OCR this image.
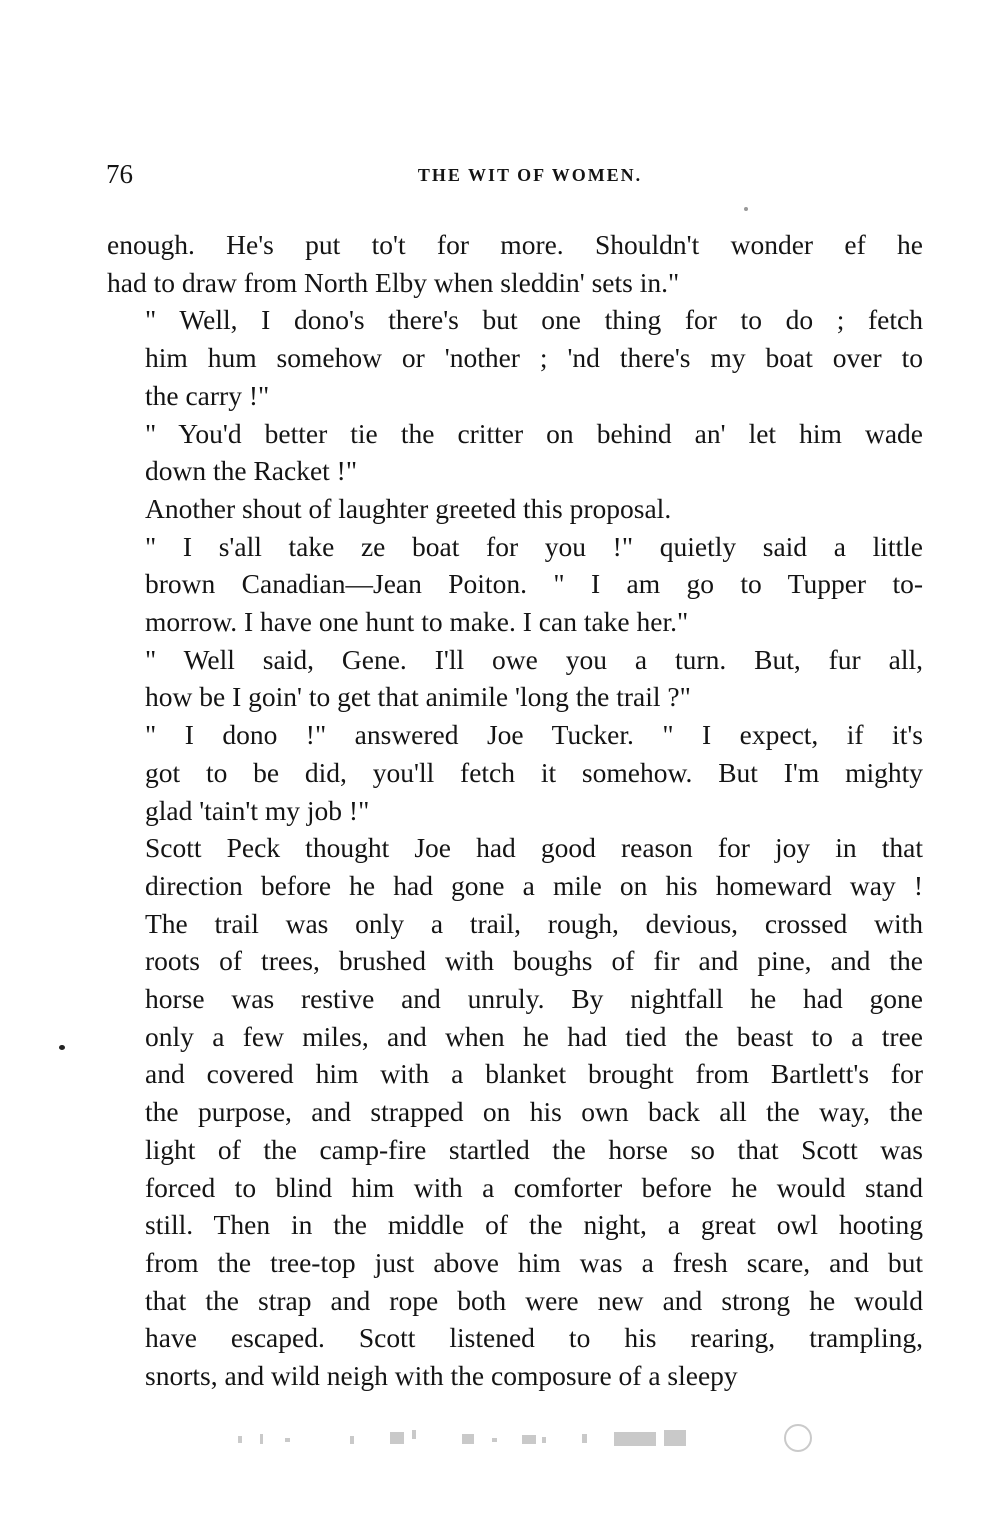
76	THE WIT OF WOMEN.

enough. He's put to't for more. Shouldn't wonder ef he
had to draw from North Elby when sleddin' sets in."

" Well, I dono's there's but one thing for to do ; fetch
him hum somehow or 'nother ; 'nd there's my boat over to
the carry !"

" You'd better tie the critter on behind an' let him wade
down the Racket !"

Another shout of laughter greeted this proposal.

" I s'all take ze boat for you !" quietly said a little
brown Canadian—Jean Poiton. " I am go to Tupper to-
morrow. I have one hunt to make. I can take her."

" Well said, Gene. I'll owe you a turn. But, fur all,
how be I goin' to get that animile 'long the trail ?"

" I dono !" answered Joe Tucker. " I expect, if it's
got to be did, you'll fetch it somehow. But I'm mighty
glad 'tain't my job !"

Scott Peck thought Joe had good reason for joy in that
direction before he had gone a mile on his homeward way !
The trail was only a trail, rough, devious, crossed with
roots of trees, brushed with boughs of fir and pine, and the
horse was restive and unruly. By nightfall he had gone
only a few miles, and when he had tied the beast to a tree
and covered him with a blanket brought from Bartlett's for
the purpose, and strapped on his own back all the way, the
light of the camp-fire startled the horse so that Scott was
forced to blind him with a comforter before he would stand
still. Then in the middle of the night, a great owl hooting
from the tree-top just above him was a fresh scare, and but
that the strap and rope both were new and strong he would
have escaped. Scott listened to his rearing, trampling,
snorts, and wild neigh with the composure of a sleepy
